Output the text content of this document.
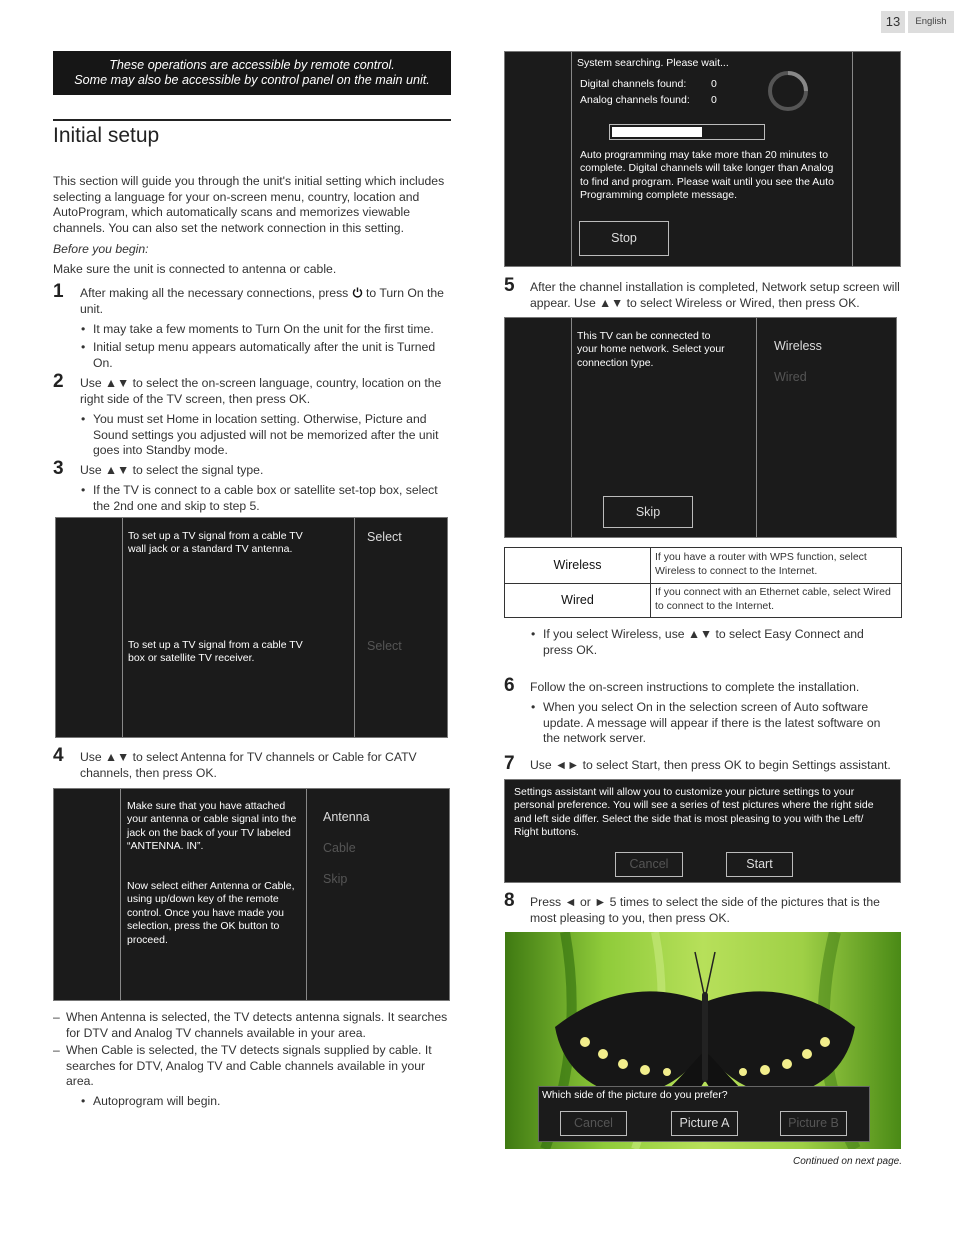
13	English
These operations are accessible by remote control.
Some may also be accessible by control panel on the main unit.
Initial setup
This section will guide you through the unit's initial setting which includes selecting a language for your on-screen menu, country, location and AutoProgram, which automatically scans and memorizes viewable channels. You can also set the network connection in this setting.
Before you begin:
Make sure the unit is connected to antenna or cable.
1 After making all the necessary connections, press to Turn On the unit.
• It may take a few moments to Turn On the unit for the first time.
• Initial setup menu appears automatically after the unit is Turned On.
2 Use ▲▼ to select the on-screen language, country, location on the right side of the TV screen, then press OK.
• You must set Home in location setting. Otherwise, Picture and Sound settings you adjusted will not be memorized after the unit goes into Standby mode.
3 Use ▲▼ to select the signal type.
• If the TV is connect to a cable box or satellite set-top box, select the 2nd one and skip to step 5.
To set up a TV signal from a cable TV wall jack or a standard TV antenna.
Select
To set up a TV signal from a cable TV box or satellite TV receiver.
Select
4 Use ▲▼ to select Antenna for TV channels or Cable for CATV channels, then press OK.
Make sure that you have attached your antenna or cable signal into the jack on the back of your TV labeled “ANTENNA. IN”.
Now select either Antenna or Cable, using up/down key of the remote control. Once you have made you selection, press the OK button to proceed.
Antenna
Cable
Skip
– When Antenna is selected, the TV detects antenna signals. It searches for DTV and Analog TV channels available in your area.
– When Cable is selected, the TV detects signals supplied by cable. It searches for DTV, Analog TV and Cable channels available in your area.
• Autoprogram will begin.
System searching. Please wait...
Digital channels found: 0
Analog channels found: 0
Auto programming may take more than 20 minutes to complete. Digital channels will take longer than Analog to find and program. Please wait until you see the Auto Programming complete message.
Stop
5 After the channel installation is completed, Network setup screen will appear. Use ▲▼ to select Wireless or Wired, then press OK.
This TV can be connected to your home network. Select your connection type.
Wireless
Wired
Skip
Wireless
If you have a router with WPS function, select Wireless to connect to the Internet.
Wired
If you connect with an Ethernet cable, select Wired to connect to the Internet.
• If you select Wireless, use ▲▼ to select Easy Connect and press OK.
6 Follow the on-screen instructions to complete the installation.
• When you select On in the selection screen of Auto software update. A message will appear if there is the latest software on the network server.
7 Use ◄► to select Start, then press OK to begin Settings assistant.
Settings assistant will allow you to customize your picture settings to your personal preference. You will see a series of test pictures where the right side and left side differ. Select the side that is most pleasing to you with the Left/ Right buttons.
Cancel	Start
8 Press ◄ or ► 5 times to select the side of the pictures that is the most pleasing to you, then press OK.
Which side of the picture do you prefer?
Cancel	Picture A	Picture B
Continued on next page.
